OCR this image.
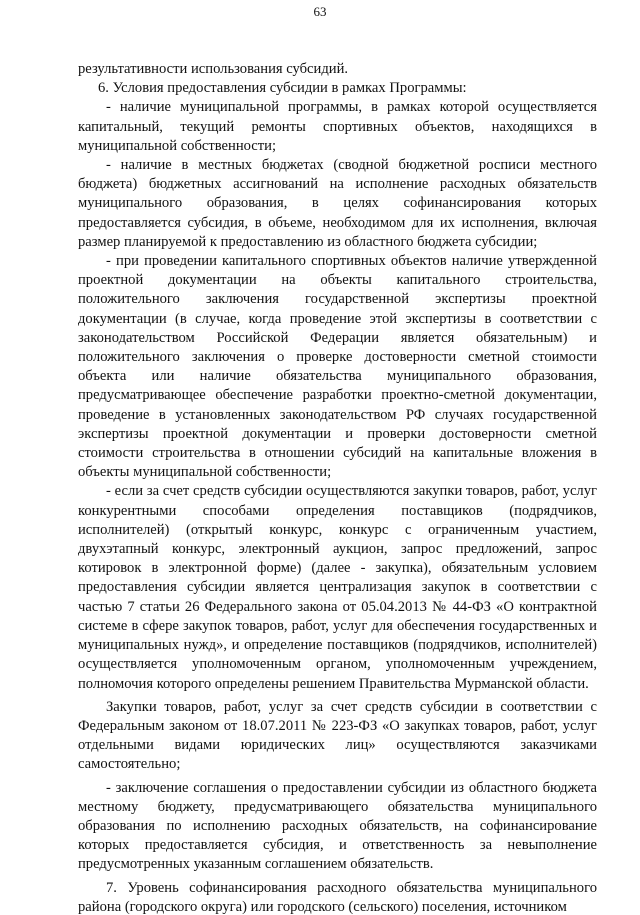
63

результативности использования субсидий.

6. Условия предоставления субсидии в рамках Программы:

- наличие муниципальной программы, в рамках которой осуществляется капитальный, текущий ремонты спортивных объектов, находящихся в муниципальной собственности;

- наличие в местных бюджетах (сводной бюджетной росписи местного бюджета) бюджетных ассигнований на исполнение расходных обязательств муниципального образования, в целях софинансирования которых предоставляется субсидия, в объеме, необходимом для их исполнения, включая размер планируемой к предоставлению из областного бюджета субсидии;

- при проведении капитального спортивных объектов наличие утвержденной проектной документации на объекты капитального строительства, положительного заключения государственной экспертизы проектной документации (в случае, когда проведение этой экспертизы в соответствии с законодательством Российской Федерации является обязательным) и положительного заключения о проверке достоверности сметной стоимости объекта или наличие обязательства муниципального образования, предусматривающее обеспечение разработки проектно-сметной документации, проведение в установленных законодательством РФ случаях государственной экспертизы проектной документации и проверки достоверности сметной стоимости строительства в отношении субсидий на капитальные вложения в объекты муниципальной собственности;

- если за счет средств субсидии осуществляются закупки товаров, работ, услуг конкурентными способами определения поставщиков (подрядчиков, исполнителей) (открытый конкурс, конкурс с ограниченным участием, двухэтапный конкурс, электронный аукцион, запрос предложений, запрос котировок в электронной форме) (далее - закупка), обязательным условием предоставления субсидии является централизация закупок в соответствии с частью 7 статьи 26 Федерального закона от 05.04.2013 № 44-ФЗ «О контрактной системе в сфере закупок товаров, работ, услуг для обеспечения государственных и муниципальных нужд», и определение поставщиков (подрядчиков, исполнителей) осуществляется уполномоченным органом, уполномоченным учреждением, полномочия которого определены решением Правительства Мурманской области.

Закупки товаров, работ, услуг за счет средств субсидии в соответствии с Федеральным законом от 18.07.2011 № 223-ФЗ «О закупках товаров, работ, услуг отдельными видами юридических лиц» осуществляются заказчиками самостоятельно;

- заключение соглашения о предоставлении субсидии из областного бюджета местному бюджету, предусматривающего обязательства муниципального образования по исполнению расходных обязательств, на софинансирование которых предоставляется субсидия, и ответственность за невыполнение предусмотренных указанным соглашением обязательств.

7. Уровень софинансирования расходного обязательства муниципального района (городского округа) или городского (сельского) поселения, источником
